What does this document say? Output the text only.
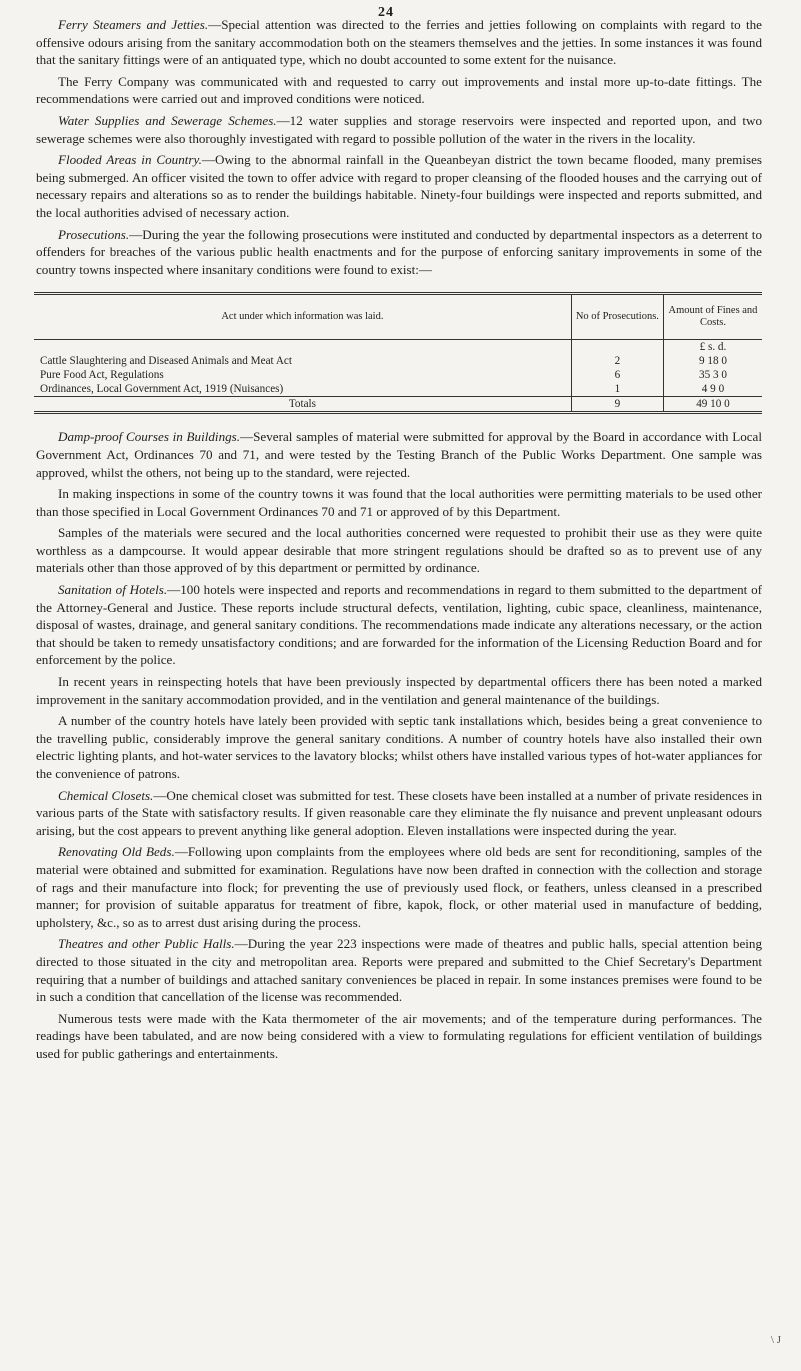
24

Ferry Steamers and Jetties.—Special attention was directed to the ferries and jetties following on complaints with regard to the offensive odours arising from the sanitary accommodation both on the steamers themselves and the jetties. In some instances it was found that the sanitary fittings were of an antiquated type, which no doubt accounted to some extent for the nuisance.

The Ferry Company was communicated with and requested to carry out improvements and instal more up-to-date fittings. The recommendations were carried out and improved conditions were noticed.

Water Supplies and Sewerage Schemes.—12 water supplies and storage reservoirs were inspected and reported upon, and two sewerage schemes were also thoroughly investigated with regard to possible pollution of the water in the rivers in the locality.

Flooded Areas in Country.—Owing to the abnormal rainfall in the Queanbeyan district the town became flooded, many premises being submerged. An officer visited the town to offer advice with regard to proper cleansing of the flooded houses and the carrying out of necessary repairs and alterations so as to render the buildings habitable. Ninety-four buildings were inspected and reports submitted, and the local authorities advised of necessary action.

Prosecutions.—During the year the following prosecutions were instituted and conducted by departmental inspectors as a deterrent to offenders for breaches of the various public health enactments and for the purpose of enforcing sanitary improvements in some of the country towns inspected where insanitary conditions were found to exist:—

Act under which information was laid.	No of Prosecutions.	Amount of Fines and Costs.
		£ s. d.

Cattle Slaughtering and Diseased Animals and Meat Act	2	9 18 0

Pure Food Act, Regulations	6	35 3 0

Ordinances, Local Government Act, 1919 (Nuisances)	1	4 9 0
Totals	9	49 10 0

Damp-proof Courses in Buildings.—Several samples of material were submitted for approval by the Board in accordance with Local Government Act, Ordinances 70 and 71, and were tested by the Testing Branch of the Public Works Department. One sample was approved, whilst the others, not being up to the standard, were rejected.

In making inspections in some of the country towns it was found that the local authorities were permitting materials to be used other than those specified in Local Government Ordinances 70 and 71 or approved of by this Department.

Samples of the materials were secured and the local authorities concerned were requested to prohibit their use as they were quite worthless as a dampcourse. It would appear desirable that more stringent regulations should be drafted so as to prevent use of any materials other than those approved of by this department or permitted by ordinance.

Sanitation of Hotels.—100 hotels were inspected and reports and recommendations in regard to them submitted to the department of the Attorney-General and Justice. These reports include structural defects, ventilation, lighting, cubic space, cleanliness, maintenance, disposal of wastes, drainage, and general sanitary conditions. The recommendations made indicate any alterations necessary, or the action that should be taken to remedy unsatisfactory conditions; and are forwarded for the information of the Licensing Reduction Board and for enforcement by the police.

In recent years in reinspecting hotels that have been previously inspected by departmental officers there has been noted a marked improvement in the sanitary accommodation provided, and in the ventilation and general maintenance of the buildings.

A number of the country hotels have lately been provided with septic tank installations which, besides being a great convenience to the travelling public, considerably improve the general sanitary conditions. A number of country hotels have also installed their own electric lighting plants, and hot-water services to the lavatory blocks; whilst others have installed various types of hot-water appliances for the convenience of patrons.

Chemical Closets.—One chemical closet was submitted for test. These closets have been installed at a number of private residences in various parts of the State with satisfactory results. If given reasonable care they eliminate the fly nuisance and prevent unpleasant odours arising, but the cost appears to prevent anything like general adoption. Eleven installations were inspected during the year.

Renovating Old Beds.—Following upon complaints from the employees where old beds are sent for reconditioning, samples of the material were obtained and submitted for examination. Regulations have now been drafted in connection with the collection and storage of rags and their manufacture into flock; for preventing the use of previously used flock, or feathers, unless cleansed in a prescribed manner; for provision of suitable apparatus for treatment of fibre, kapok, flock, or other material used in manufacture of bedding, upholstery, &c., so as to arrest dust arising during the process.

Theatres and other Public Halls.—During the year 223 inspections were made of theatres and public halls, special attention being directed to those situated in the city and metropolitan area. Reports were prepared and submitted to the Chief Secretary's Department requiring that a number of buildings and attached sanitary conveniences be placed in repair. In some instances premises were found to be in such a condition that cancellation of the license was recommended.

Numerous tests were made with the Kata thermometer of the air movements; and of the temperature during performances. The readings have been tabulated, and are now being considered with a view to formulating regulations for efficient ventilation of buildings used for public gatherings and entertainments.

\ J
